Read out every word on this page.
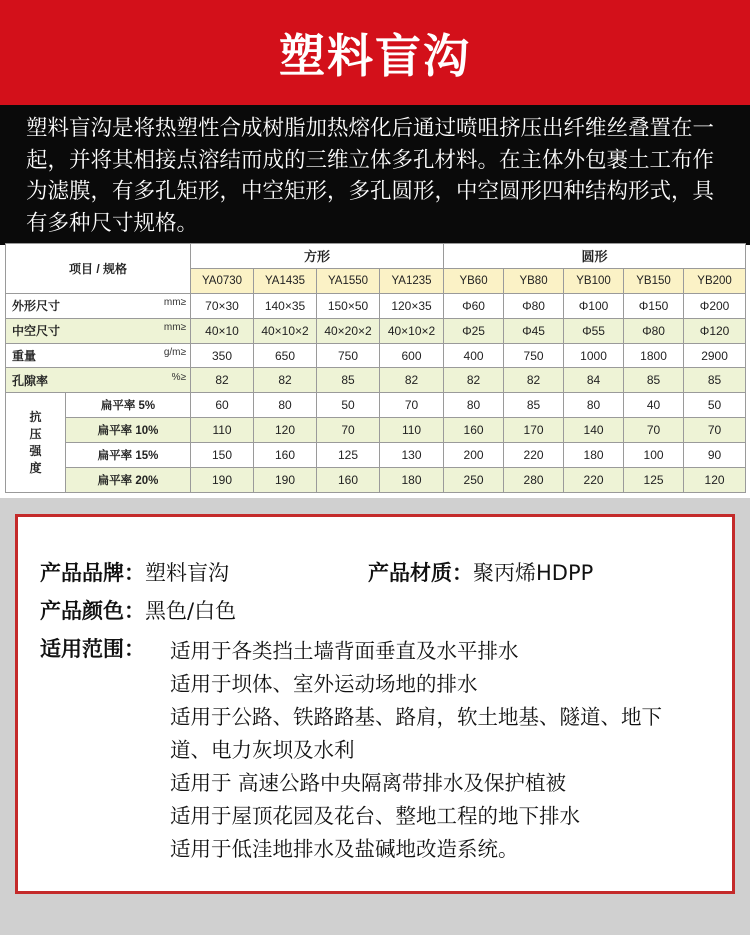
塑料盲沟
塑料盲沟是将热塑性合成树脂加热熔化后通过喷咀挤压出纤维丝叠置在一起，并将其相接点溶结而成的三维立体多孔材料。在主体外包裹土工布作为滤膜，有多孔矩形，中空矩形，多孔圆形，中空圆形四种结构形式，具有多种尺寸规格。
项目 / 规格		方形				圆形				
		YA0730	YA1435	YA1550	YA1235	YB60	YB80	YB100	YB150	YB200

外形尺寸 mm≥		70×30	140×35	150×50	120×35	Φ60	Φ80	Φ100	Φ150	Φ200

中空尺寸 mm≥		40×10	40×10×2	40×20×2	40×10×2	Φ25	Φ45	Φ55	Φ80	Φ120

重量 g/m≥		350	650	750	600	400	750	1000	1800	2900

孔隙率 %≥		82	82	85	82	82	82	84	85	85

抗
压
强
度	扁平率 5%	60	80	50	70	80	85	80	40	50
	扁平率 10%	110	120	70	110	160	170	140	70	70
	扁平率 15%	150	160	125	130	200	220	180	100	90
	扁平率 20%	190	190	160	180	250	280	220	125	120
产品品牌：塑料盲沟	产品材质：聚丙烯HDPP
产品颜色：黑色/白色
适用范围： 适用于各类挡土墙背面垂直及水平排水
适用于坝体、室外运动场地的排水
适用于公路、铁路路基、路肩，软土地基、隧道、地下
道、电力灰坝及水利
适用于 高速公路中央隔离带排水及保护植被
适用于屋顶花园及花台、整地工程的地下排水
适用于低洼地排水及盐碱地改造系统。
